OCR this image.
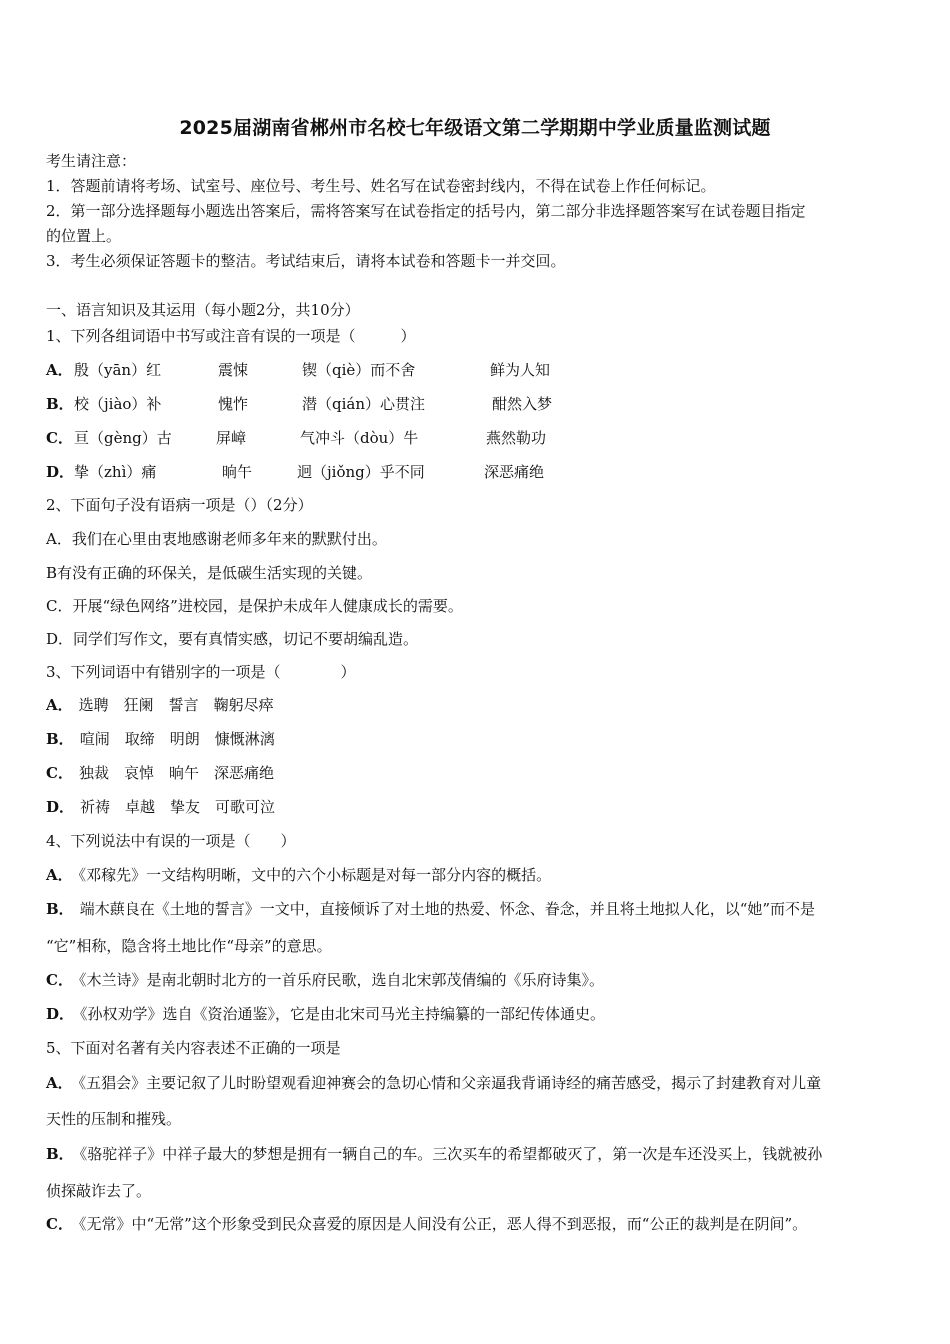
2025届湖南省郴州市名校七年级语文第二学期期中学业质量监测试题
考生请注意：
1．答题前请将考场、试室号、座位号、考生号、姓名写在试卷密封线内，不得在试卷上作任何标记。
2．第一部分选择题每小题选出答案后，需将答案写在试卷指定的括号内，第二部分非选择题答案写在试卷题目指定
的位置上。
3．考生必须保证答题卡的整洁。考试结束后，请将本试卷和答题卡一并交回。
一、语言知识及其运用（每小题2分，共10分）
1、下列各组词语中书写或注音有误的一项是（　　　）
A． 殷（yān）红	震悚	锲（qiè）而不舍	鲜为人知
B． 校（jiào）补	愧怍	潜（qián）心贯注	酣然入梦
C． 亘（gèng）古	屏嶂	气冲斗（dòu）牛	燕然勒功
D． 挚（zhì）痛	晌午	迥（jiǒng）乎不同	深恶痛绝
2、下面句子没有语病一项是（）（2分）
A．我们在心里由衷地感谢老师多年来的默默付出。
B有没有正确的环保关，是低碳生活实现的关键。
C．开展“绿色网络”进校园，是保护未成年人健康成长的需要。
D．同学们写作文，要有真情实感，切记不要胡编乱造。
3、下列词语中有错别字的一项是（　　　　）
A． 选聘　狂阑　誓言　鞠躬尽瘁
B． 喧闹　取缔　明朗　慷慨淋漓
C． 独裁　哀悼　晌午　深恶痛绝
D． 祈祷　卓越　挚友　可歌可泣
4、下列说法中有误的一项是（　　）
A． 《邓稼先》一文结构明晰，文中的六个小标题是对每一部分内容的概括。
B． 端木蕻良在《土地的誓言》一文中，直接倾诉了对土地的热爱、怀念、眷念，并且将土地拟人化，以“她”而不是
“它”相称，隐含将土地比作“母亲”的意思。
C． 《木兰诗》是南北朝时北方的一首乐府民歌，选自北宋郭茂倩编的《乐府诗集》。
D． 《孙权劝学》选自《资治通鉴》，它是由北宋司马光主持编纂的一部纪传体通史。
5、下面对名著有关内容表述不正确的一项是
A． 《五猖会》主要记叙了儿时盼望观看迎神赛会的急切心情和父亲逼我背诵诗经的痛苦感受，揭示了封建教育对儿童
天性的压制和摧残。
B． 《骆驼祥子》中祥子最大的梦想是拥有一辆自己的车。三次买车的希望都破灭了，第一次是车还没买上，钱就被孙
侦探敲诈去了。
C． 《无常》中“无常”这个形象受到民众喜爱的原因是人间没有公正，恶人得不到恶报，而“公正的裁判是在阴间”。
